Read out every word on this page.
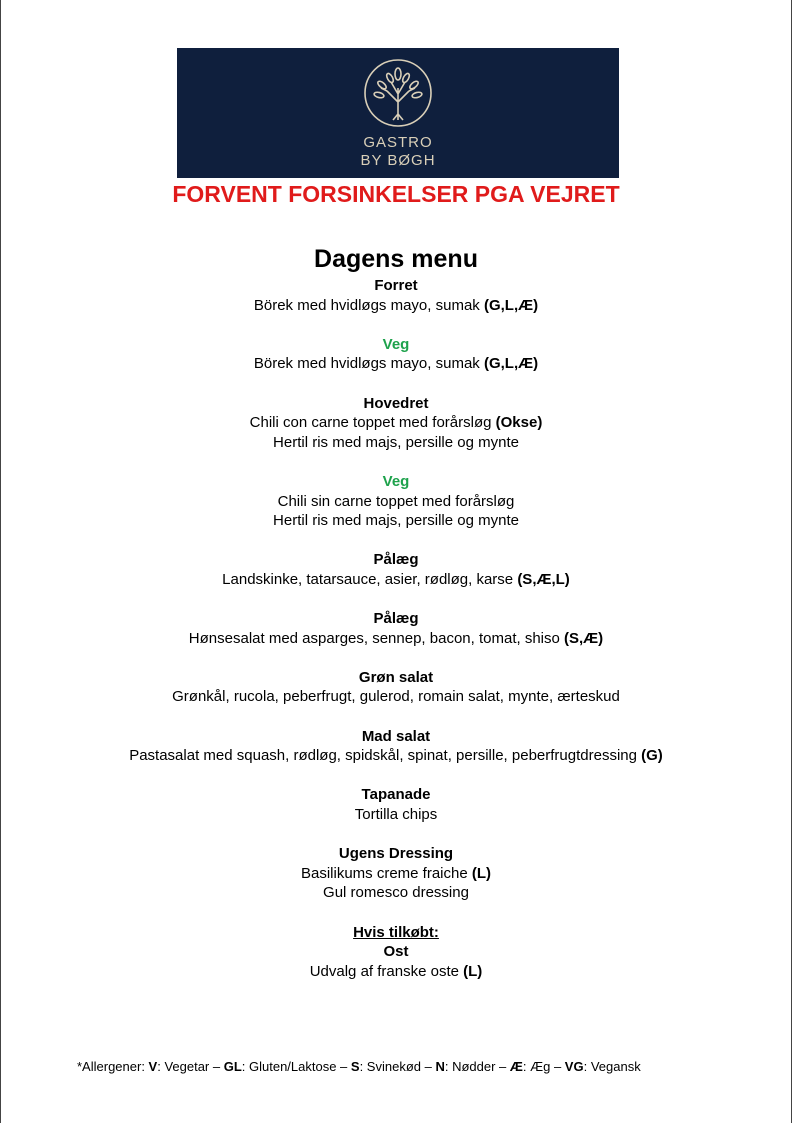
GASTRO
BY BØGH
FORVENT FORSINKELSER PGA VEJRET
Dagens menu
Forret
Börek med hvidløgs mayo, sumak (G,L,Æ)
Veg
Börek med hvidløgs mayo, sumak (G,L,Æ)
Hovedret
Chili con carne toppet med forårsløg (Okse)
Hertil ris med majs, persille og mynte
Veg
Chili sin carne toppet med forårsløg
Hertil ris med majs, persille og mynte
Pålæg
Landskinke, tatarsauce, asier, rødløg, karse (S,Æ,L)
Pålæg
Hønsesalat med asparges, sennep, bacon, tomat, shiso (S,Æ)
Grøn salat
Grønkål, rucola, peberfrugt, gulerod, romain salat, mynte, ærteskud
Mad salat
Pastasalat med squash, rødløg, spidskål, spinat, persille, peberfrugtdressing (G)
Tapanade
Tortilla chips
Ugens Dressing
Basilikums creme fraiche (L)
Gul romesco dressing
Hvis tilkøbt:
Ost
Udvalg af franske oste (L)
*Allergener: V: Vegetar – GL: Gluten/Laktose – S: Svinekød – N: Nødder – Æ: Æg – VG: Vegansk
